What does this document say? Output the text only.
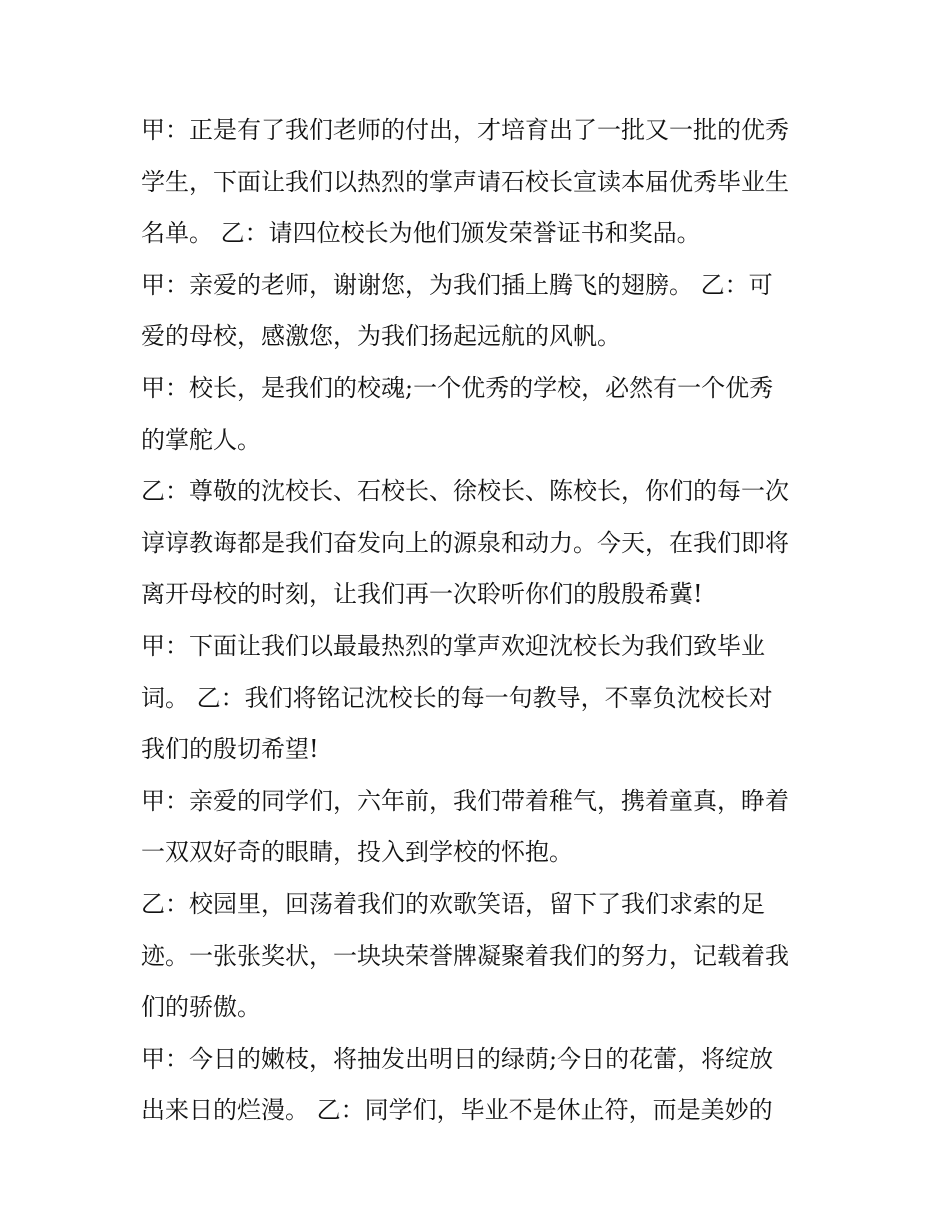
甲：正是有了我们老师的付出，才培育出了一批又一批的优秀
学生，下面让我们以热烈的掌声请石校长宣读本届优秀毕业生
名单。 乙：请四位校长为他们颁发荣誉证书和奖品。
甲：亲爱的老师，谢谢您，为我们插上腾飞的翅膀。 乙：可
爱的母校，感激您，为我们扬起远航的风帆。
甲：校长，是我们的校魂;一个优秀的学校，必然有一个优秀
的掌舵人。
乙：尊敬的沈校长、石校长、徐校长、陈校长，你们的每一次
谆谆教诲都是我们奋发向上的源泉和动力。今天，在我们即将
离开母校的时刻，让我们再一次聆听你们的殷殷希冀!
甲：下面让我们以最最热烈的掌声欢迎沈校长为我们致毕业
词。 乙：我们将铭记沈校长的每一句教导，不辜负沈校长对
我们的殷切希望!
甲：亲爱的同学们，六年前，我们带着稚气，携着童真，睁着
一双双好奇的眼睛，投入到学校的怀抱。
乙：校园里，回荡着我们的欢歌笑语，留下了我们求索的足
迹。一张张奖状，一块块荣誉牌凝聚着我们的努力，记载着我
们的骄傲。
甲：今日的嫩枝，将抽发出明日的绿荫;今日的花蕾，将绽放
出来日的烂漫。 乙：同学们，毕业不是休止符，而是美妙的
